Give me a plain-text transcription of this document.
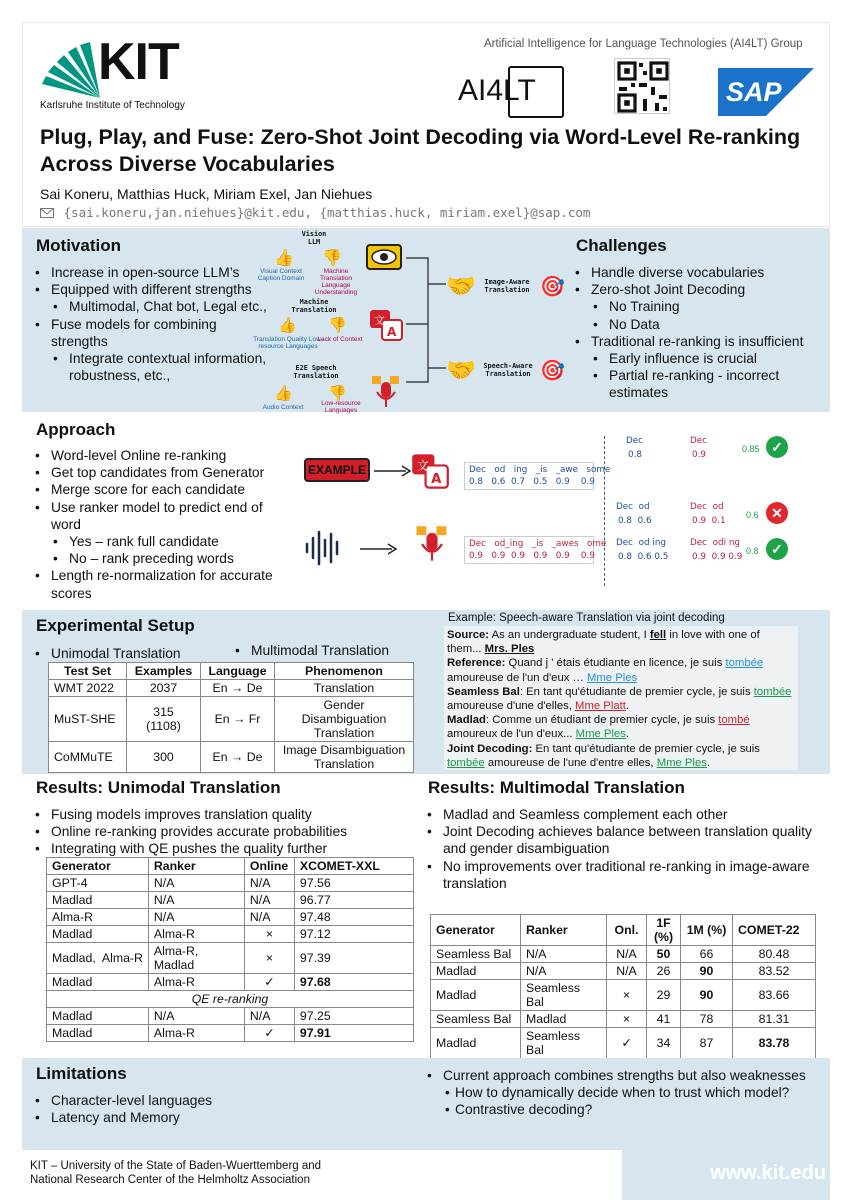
KIT
Karlsruhe Institute of Technology
Artificial Intelligence for Language Technologies (AI4LT) Group
AI4LT	SAP
Plug, Play, and Fuse: Zero-Shot Joint Decoding via Word-Level Re-ranking Across Diverse Vocabularies
Sai Koneru, Matthias Huck, Miriam Exel, Jan Niehues
{sai.koneru,jan.niehues}@kit.edu, {matthias.huck, miriam.exel}@sap.com
Motivation
• Increase in open-source LLM’s
• Equipped with different strengths
• Multimodal, Chat bot, Legal etc.,
• Fuse models for combining strengths
• Integrate contextual information, robustness, etc.,
Vision LLM
👍 👎
Visual Context Caption Domain
Machine Translation Language Understanding
Machine Translation
👍 👎
Translation Quality Low-resource Languages
Lack of Context
文
A
E2E Speech Translation
👍 👎
Audio Context
Low-resource Languages
🤝
🤝
Image-Aware Translation
Speech-Aware Translation
🎯
🎯
Challenges
• Handle diverse vocabularies
• Zero-shot Joint Decoding
• No Training
• No Data
• Traditional re-ranking is insufficient
• Early influence is crucial
• Partial re-ranking - incorrect estimates
Approach
• Word-level Online re-ranking
• Get top candidates from Generator
• Merge score for each candidate
• Use ranker model to predict end of word
• Yes – rank full candidate
• No – rank preceding words
• Length re-normalization for accurate scores
EXAMPLE	文
A
Dec   od   ing   _is   _awe   some
0.8   0.6  0.7   0.5   0.9    0.9
Dec   od_ing   _is   _awes   ome
0.9   0.9  0.9   0.9   0.9    0.9
Dec
0.8
Dec
0.9
0.85 ✓
Dec  od
0.8  0.6
Dec  od
0.9  0.1
0.6 ✕
Dec  od ing
0.8  0.6 0.5
Dec  odi ng
0.9  0.9 0.9
0.8 ✓
Experimental Setup
• Unimodal Translation	• Multimodal Translation
Test Set	Examples	Language	Phenomenon
WMT 2022	2037	En → De	Translation
MuST-SHE	315 (1108)	En → Fr	Gender Disambiguation Translation
CoMMuTE	300	En → De	Image Disambiguation Translation
Example: Speech-aware Translation via joint decoding
Source: As an undergraduate student, I fell in love with one of them... Mrs. Ples
Reference: Quand j ' étais étudiante en licence, je suis tombée amoureuse de l'un d'eux … Mme Ples
Seamless Bal: En tant qu'étudiante de premier cycle, je suis tombée amoureuse d'une d'elles, Mme Platt.
Madlad: Comme un étudiant de premier cycle, je suis tombé amoureux de l'un d'eux... Mme Ples.
Joint Decoding: En tant qu'étudiante de premier cycle, je suis tombée amoureuse de l'une d'entre elles, Mme Ples.
Results: Unimodal Translation
• Fusing models improves translation quality
• Online re-ranking provides accurate probabilities
• Integrating with QE pushes the quality further
Generator	Ranker	Online	XCOMET-XXL
GPT-4	N/A	N/A	97.56
Madlad	N/A	N/A	96.77
Alma-R	N/A	N/A	97.48
Madlad	Alma-R	×	97.12
Madlad,  Alma-R	Alma-R, Madlad	×	97.39
Madlad	Alma-R	✓	97.68
QE re-ranking			
Madlad	N/A	N/A	97.25
Madlad	Alma-R	✓	97.91
Results: Multimodal Translation
• Madlad and Seamless complement each other
• Joint Decoding achieves balance between translation quality and gender disambiguation
• No improvements over traditional re-ranking in image-aware translation
Generator	Ranker	Onl.	1F (%)	1M (%)	COMET-22
Seamless Bal	N/A	N/A	50	66	80.48
Madlad	N/A	N/A	26	90	83.52
Madlad	Seamless Bal	×	29	90	83.66
Seamless Bal	Madlad	×	41	78	81.31
Madlad	Seamless Bal	✓	34	87	83.78
Limitations
• Character-level languages
• Latency and Memory
• Current approach combines strengths but also weaknesses
• How to dynamically decide when to trust which model?
• Contrastive decoding?
KIT – University of the State of Baden-Wuerttemberg and
National Research Center of the Helmholtz Association	www.kit.edu
